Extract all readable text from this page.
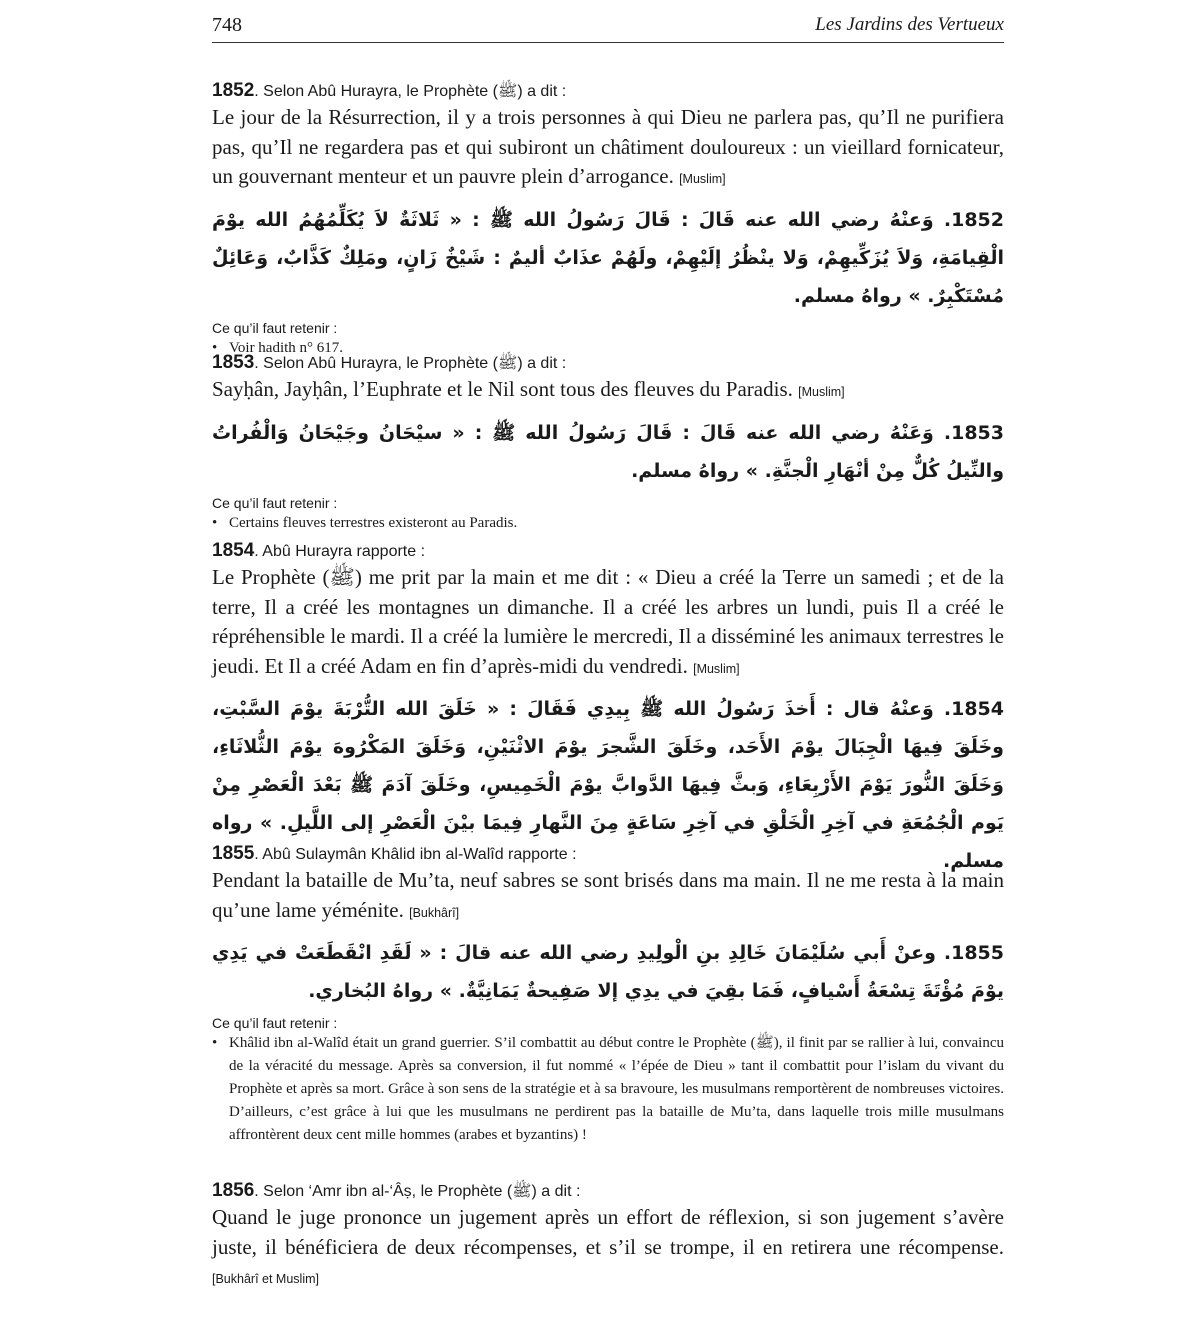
748	Les Jardins des Vertueux
1852. Selon Abû Hurayra, le Prophète (ﷺ) a dit :
Le jour de la Résurrection, il y a trois personnes à qui Dieu ne parlera pas, qu’Il ne purifiera pas, qu’Il ne regardera pas et qui subiront un châtiment douloureux : un vieillard fornicateur, un gouvernant menteur et un pauvre plein d’arrogance. [Muslim]
1852. وَعنْهُ رضي الله عنه قَالَ : قَالَ رَسُولُ الله ﷺ : « ثَلاثَةٌ لاَ يُكَلِّمُهُمُ الله يوْمَ الْقِيامَةِ، وَلاَ يُزَكِّيهِمْ، وَلا ينْظُرُ إلَيْهِمْ، ولَهُمْ عذَابٌ أليمٌ : شَيْخٌ زَانٍ، ومَلِكٌ كَذَّابٌ، وَعَائِلٌ مُسْتَكْبِرٌ. » رواهُ مسلم.
Ce qu’il faut retenir :
• Voir hadith n° 617.
1853. Selon Abû Hurayra, le Prophète (ﷺ) a dit :
Sayḥân, Jayḥân, l’Euphrate et le Nil sont tous des fleuves du Paradis. [Muslim]
1853. وَعَنْهُ رضي الله عنه قَالَ : قَالَ رَسُولُ الله ﷺ : « سيْحَانُ وجَيْحَانُ وَالْفُراتُ والنِّيلُ كُلٌّ مِنْ أنْهَارِ الْجنَّةِ. » رواهُ مسلم.
Ce qu’il faut retenir :
• Certains fleuves terrestres existeront au Paradis.
1854. Abû Hurayra rapporte :
Le Prophète (ﷺ) me prit par la main et me dit : « Dieu a créé la Terre un samedi ; et de la terre, Il a créé les montagnes un dimanche. Il a créé les arbres un lundi, puis Il a créé le répréhensible le mardi. Il a créé la lumière le mercredi, Il a disséminé les animaux terrestres le jeudi. Et Il a créé Adam en fin d’après-midi du vendredi. [Muslim]
1854. وَعنْهُ قال : أَخذَ رَسُولُ الله ﷺ بِيدِي فَقَالَ : « خَلَقَ الله التُّرْبَةَ يوْمَ السَّبْتِ، وخَلَقَ فِيهَا الْجِبَالَ يوْمَ الأَحَد، وخَلَقَ الشَّجرَ يوْمَ الاثْنَيْنِ، وَخَلَقَ المَكْرُوهَ يوْمَ الثُّلاثَاءِ، وَخَلَقَ النُّورَ يَوْمَ الأَرْبِعَاءِ، وَبثَّ فِيهَا الدَّوابَّ يوْمَ الْخَمِيسِ، وخَلَقَ آدَمَ ﷺ بَعْدَ الْعَصْرِ مِنْ يَوم الْجُمُعَةِ في آخِرِ الْخَلْقِ في آخِرِ سَاعَةٍ مِنَ النَّهارِ فِيمَا بيْنَ الْعَصْرِ إلى اللَّيلِ. » رواه مسلم.
1855. Abû Sulaymân Khâlid ibn al-Walîd rapporte :
Pendant la bataille de Mu’ta, neuf sabres se sont brisés dans ma main. Il ne me resta à la main qu’une lame yéménite. [Bukhârî]
1855. وعنْ أَبي سُلَيْمَانَ خَالِدِ بنِ الْولِيدِ رضي الله عنه قالَ : « لَقَدِ انْقَطَعَتْ في يَدِي يوْمَ مُؤْتَةَ تِسْعَةُ أَسْيافٍ، فَمَا بقِيَ في يدِي إلا صَفِيحةٌ يَمَانِيَّةٌ. » رواهُ البُخاري.
Ce qu’il faut retenir :
• Khâlid ibn al-Walîd était un grand guerrier. S’il combattit au début contre le Prophète (ﷺ), il finit par se rallier à lui, convaincu de la véracité du message. Après sa conversion, il fut nommé « l’épée de Dieu » tant il combattit pour l’islam du vivant du Prophète et après sa mort. Grâce à son sens de la stratégie et à sa bravoure, les musulmans remportèrent de nombreuses victoires. D’ailleurs, c’est grâce à lui que les musulmans ne perdirent pas la bataille de Mu’ta, dans laquelle trois mille musulmans affrontèrent deux cent mille hommes (arabes et byzantins) !
1856. Selon ‘Amr ibn al-‘Âṣ, le Prophète (ﷺ) a dit :
Quand le juge prononce un jugement après un effort de réflexion, si son jugement s’avère juste, il bénéficiera de deux récompenses, et s’il se trompe, il en retirera une récompense. [Bukhârî et Muslim]
